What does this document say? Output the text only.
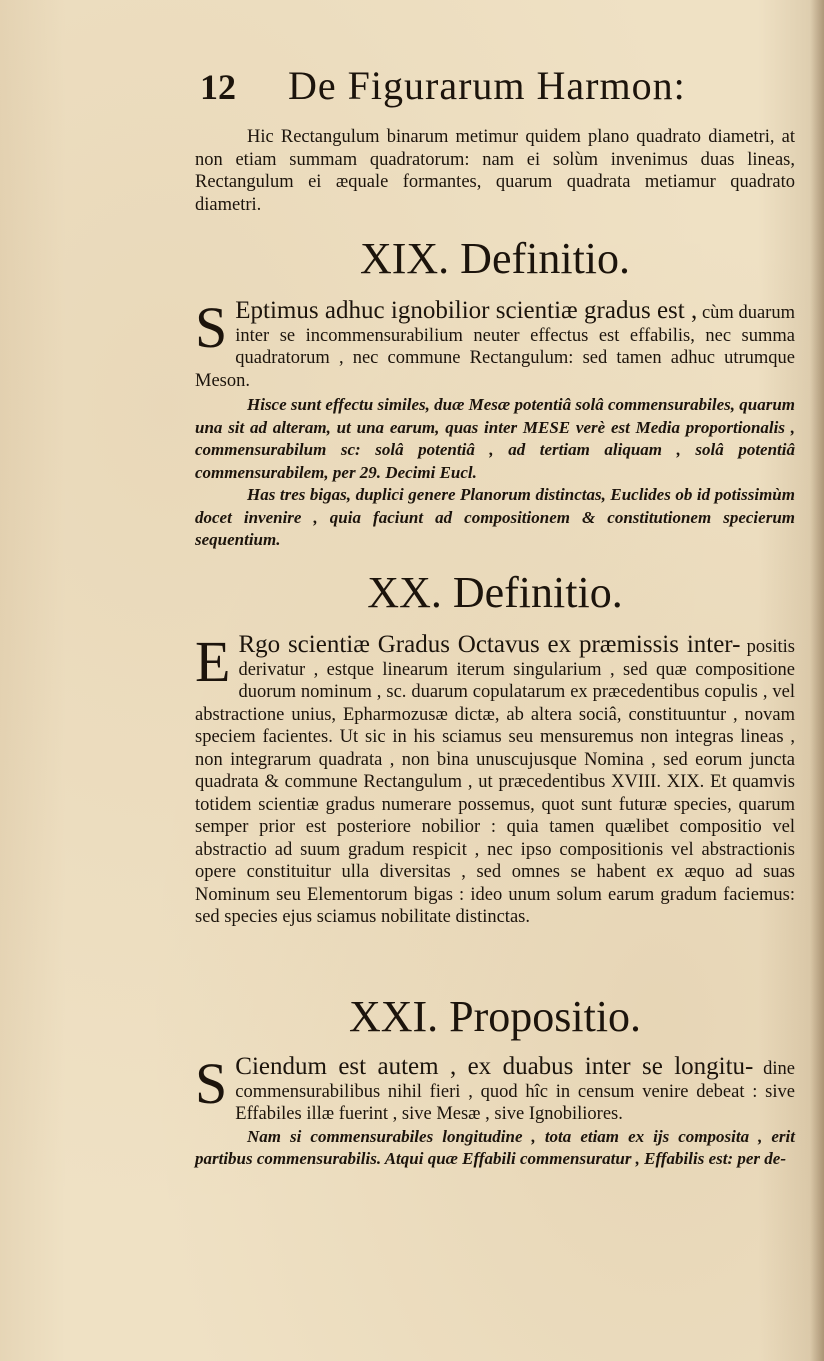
12 De Figurarum Harmon:

Hic Rectangulum binarum metimur quidem plano quadrato diametri, at non etiam summam quadratorum: nam ei solùm invenimus duas lineas, Rectangulum ei æquale formantes, quarum quadrata metiamur quadrato diametri.

XIX. Definitio.

S Eptimus adhuc ignobilior scientiæ gradus est , cùm duarum inter se incommensurabilium neuter effectus est effabilis, nec summa quadratorum , nec commune Rectangulum: sed tamen adhuc utrumque Meson.

Hisce sunt effectu similes, duæ Mesæ potentiâ solâ commensurabiles, quarum una sit ad alteram, ut una earum, quas inter MESE verè est Media proportionalis , commensurabilum sc: solâ potentiâ , ad tertiam aliquam , solâ potentiâ commensurabilem, per 29. Decimi Eucl.

Has tres bigas, duplici genere Planorum distinctas, Euclides ob id potissimùm docet invenire , quia faciunt ad compositionem & constitutionem specierum sequentium.

XX. Definitio.

E Rgo scientiæ Gradus Octavus ex præmissis inter- positis derivatur , estque linearum iterum singularium , sed quæ compositione duorum nominum , sc. duarum copulatarum ex præcedentibus copulis , vel abstractione unius, Epharmozusæ dictæ, ab altera sociâ, constituuntur , novam speciem facientes. Ut sic in his sciamus seu mensuremus non integras lineas , non integrarum quadrata , non bina unuscujusque Nomina , sed eorum juncta quadrata & commune Rectangulum , ut præcedentibus XVIII. XIX. Et quamvis totidem scientiæ gradus numerare possemus, quot sunt futuræ species, quarum semper prior est posteriore nobilior : quia tamen quælibet compositio vel abstractio ad suum gradum respicit , nec ipso compositionis vel abstractionis opere constituitur ulla diversitas , sed omnes se habent ex æquo ad suas Nominum seu Elementorum bigas : ideo unum solum earum gradum faciemus: sed species ejus sciamus nobilitate distinctas.

XXI. Propositio.

S Ciendum est autem , ex duabus inter se longitu- dine commensurabilibus nihil fieri , quod hîc in censum venire debeat : sive Effabiles illæ fuerint , sive Mesæ , sive Ignobiliores.

Nam si commensurabiles longitudine , tota etiam ex ijs composita , erit partibus commensurabilis. Atqui quæ Effabili commensuratur , Effabilis est: per de-
